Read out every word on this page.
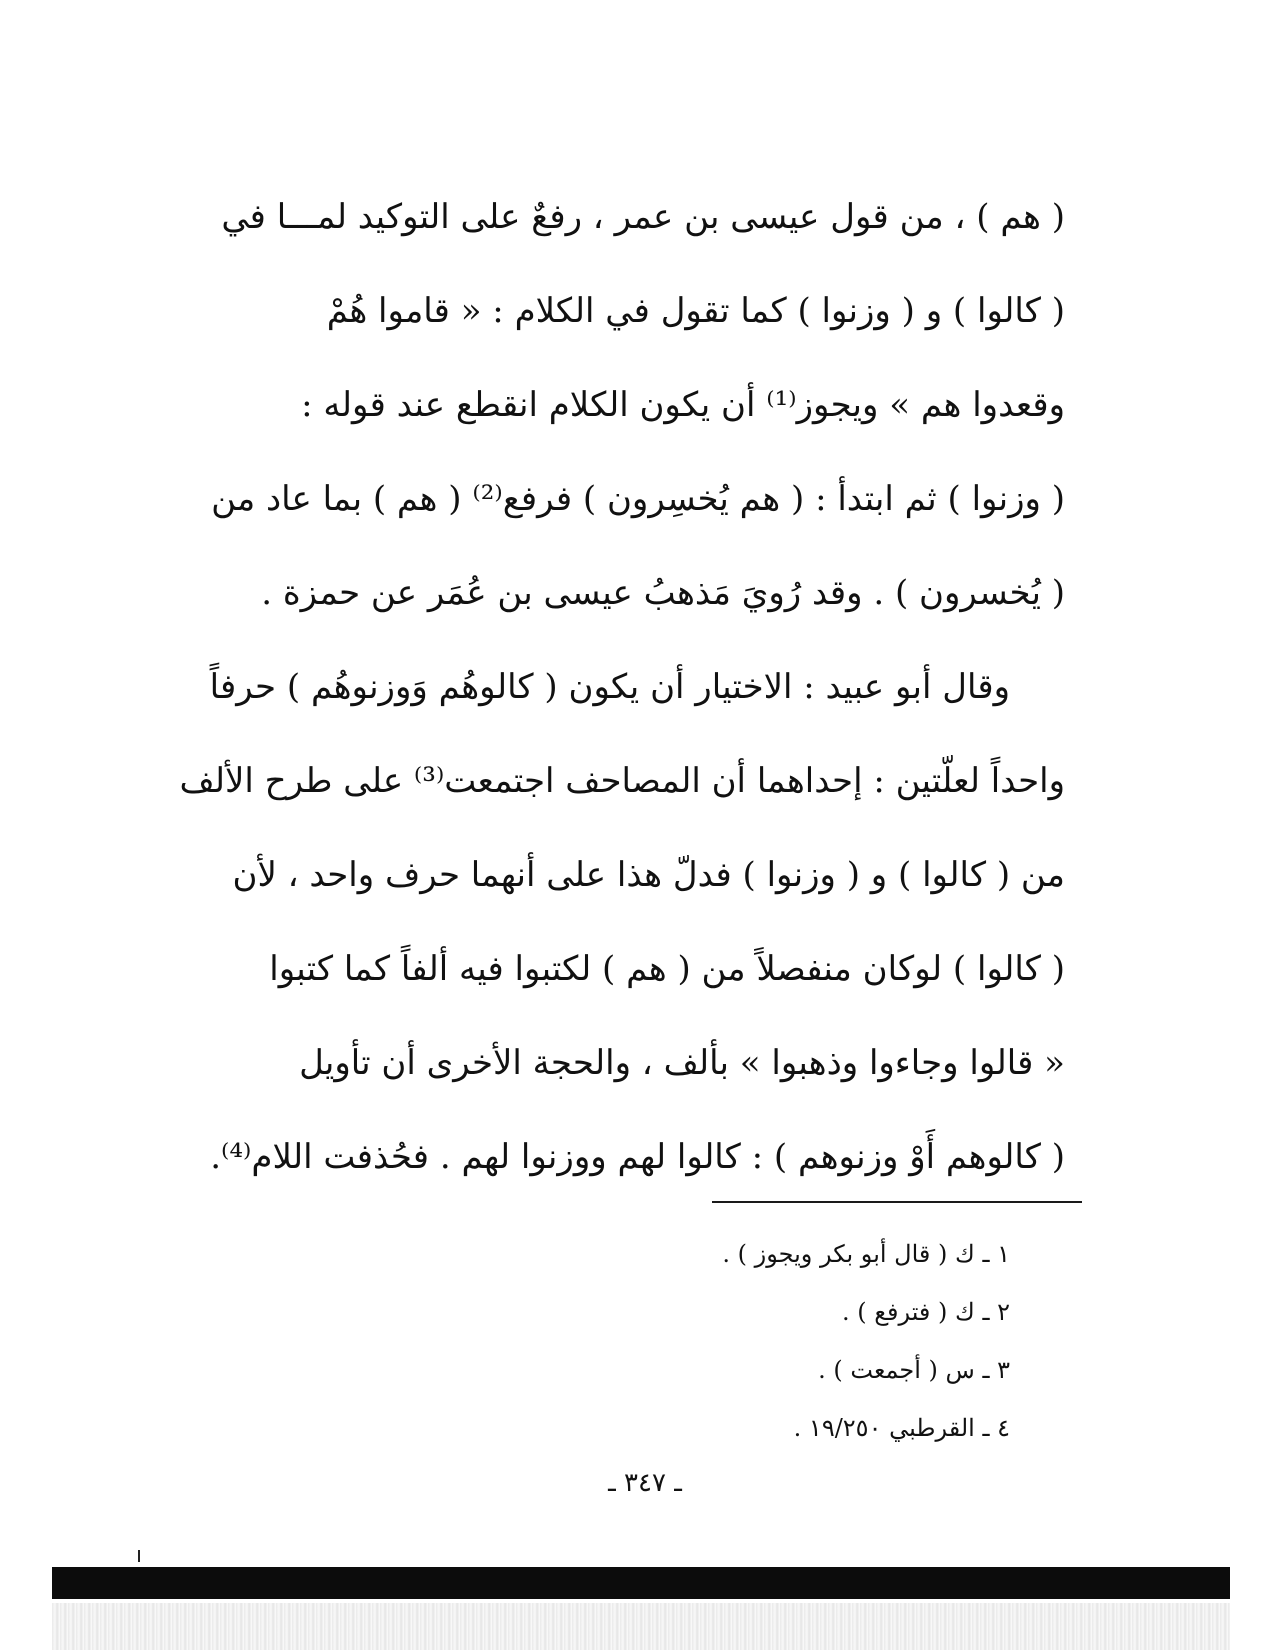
( هم ) ، من قول عيسى بن عمر ، رفعٌ على التوكيد لمـــا في
( كالوا ) و ( وزنوا ) كما تقول في الكلام : « قاموا هُمْ
وقعدوا هم » ويجوز⁽¹⁾ أن يكون الكلام انقطع عند قوله :
( وزنوا ) ثم ابتدأ : ( هم يُخسِرون ) فرفع⁽²⁾ ( هم ) بما عاد من
( يُخسرون ) . وقد رُويَ مَذهبُ عيسى بن عُمَر عن حمزة .
وقال أبو عبيد : الاختيار أن يكون ( كالوهُم وَوزنوهُم ) حرفاً
واحداً لعلّتين : إحداهما أن المصاحف اجتمعت⁽³⁾ على طرح الألف
من ( كالوا ) و ( وزنوا ) فدلّ هذا على أنهما حرف واحد ، لأن
( كالوا ) لوكان منفصلاً من ( هم ) لكتبوا فيه ألفاً كما كتبوا
« قالوا وجاءوا وذهبوا » بألف ، والحجة الأخرى أن تأويل
( كالوهم أَوْ وزنوهم ) : كالوا لهم ووزنوا لهم . فحُذفت اللام⁽⁴⁾.
١ ـ ك ( قال أبو بكر ويجوز ) .
٢ ـ ك ( فترفع ) .
٣ ـ س ( أجمعت ) .
٤ ـ القرطبي ١٩/٢٥٠ .
ـ ٣٤٧ ـ
